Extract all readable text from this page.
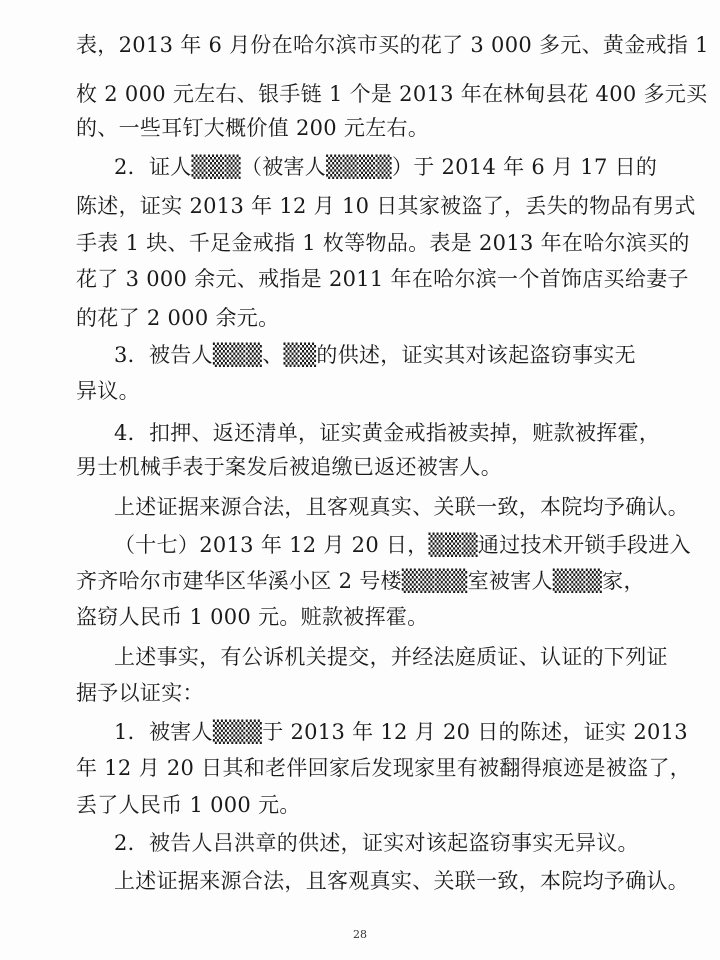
表，2013 年 6 月份在哈尔滨市买的花了 3 000 多元、黄金戒指 1
枚 2 000 元左右、银手链 1 个是 2013 年在林甸县花 400 多元买
的、一些耳钉大概价值 200 元左右。
2．证人▒▒▒（被害人▒▒▒▒）于 2014 年 6 月 17 日的
陈述，证实 2013 年 12 月 10 日其家被盗了，丢失的物品有男式
手表 1 块、千足金戒指 1 枚等物品。表是 2013 年在哈尔滨买的
花了 3 000 余元、戒指是 2011 年在哈尔滨一个首饰店买给妻子
的花了 2 000 余元。
3．被告人▒▒▒、▒▒的供述，证实其对该起盗窃事实无
异议。
4．扣押、返还清单，证实黄金戒指被卖掉，赃款被挥霍，
男士机械手表于案发后被追缴已返还被害人。
上述证据来源合法，且客观真实、关联一致，本院均予确认。
（十七）2013 年 12 月 20 日，▒▒▒通过技术开锁手段进入
齐齐哈尔市建华区华溪小区 2 号楼▒▒▒▒室被害人▒▒▒家，
盗窃人民币 1 000 元。赃款被挥霍。
上述事实，有公诉机关提交，并经法庭质证、认证的下列证
据予以证实：
1．被害人▒▒▒于 2013 年 12 月 20 日的陈述，证实 2013
年 12 月 20 日其和老伴回家后发现家里有被翻得痕迹是被盗了，
丢了人民币 1 000 元。
2．被告人吕洪章的供述，证实对该起盗窃事实无异议。
上述证据来源合法，且客观真实、关联一致，本院均予确认。
28
